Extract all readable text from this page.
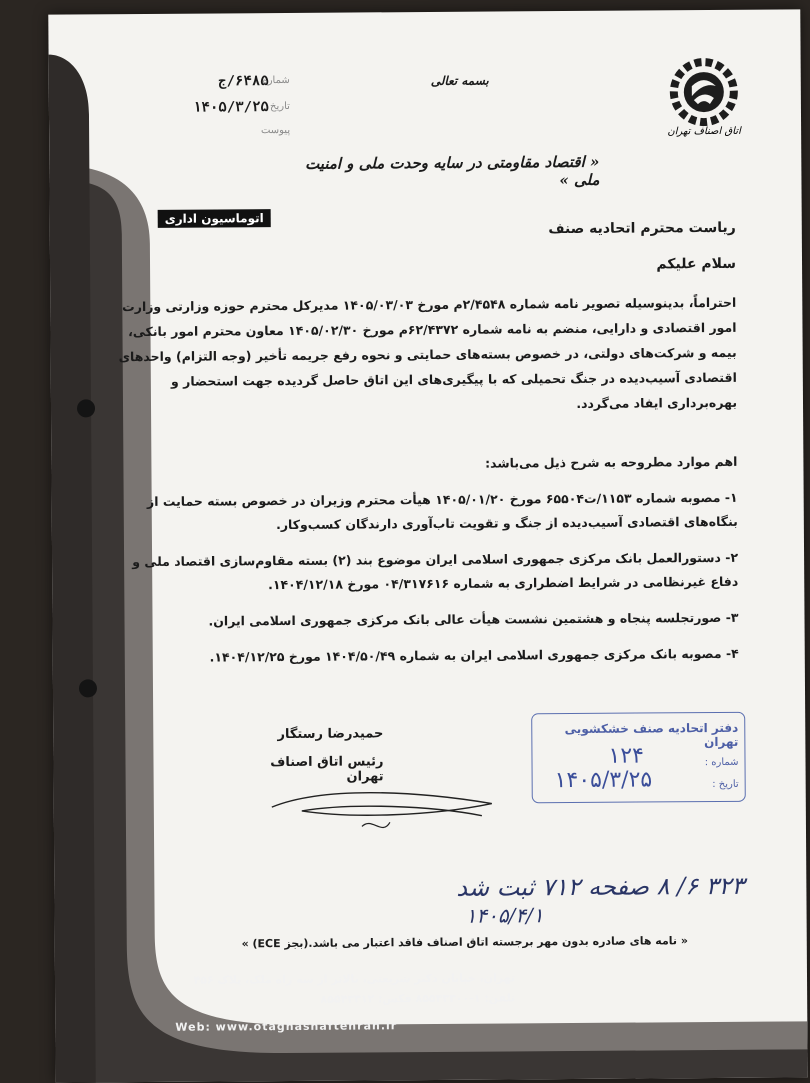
اتاق اصناف تهران
بسمه تعالی
۶۴۸۵/ج
شماره
۱۴۰۵/۳/۲۵ تاریخ
پیوست
« اقتصاد مقاومتی در سایه وحدت ملی و امنیت ملی »
اتوماسیون اداری
ریاست محترم اتحادیه صنف
سلام علیکم
احتراماً، بدینوسیله تصویر نامه شماره ۲/۴۵۴۸م مورخ ۱۴۰۵/۰۳/۰۳ مدیرکل محترم حوزه وزارتی وزارت امور اقتصادی و دارایی، منضم به نامه شماره ۶۲/۴۳۷۲م مورخ ۱۴۰۵/۰۲/۳۰ معاون محترم امور بانکی، بیمه و شرکت‌های دولتی، در خصوص بسته‌های حمایتی و نحوه رفع جریمه تأخیر (وجه التزام) واحدهای اقتصادی آسیب‌دیده در جنگ تحمیلی که با پیگیری‌های این اتاق حاصل گردیده جهت استحضار و بهره‌برداری ایفاد می‌گردد.
اهم موارد مطروحه به شرح ذیل می‌باشد:
۱- مصوبه شماره ۱۱۵۳/ت۶۵۵۰۴ مورخ ۱۴۰۵/۰۱/۲۰ هیأت محترم وزیران در خصوص بسته حمایت از بنگاه‌های اقتصادی آسیب‌دیده از جنگ و تقویت تاب‌آوری دارندگان کسب‌وکار.
۲- دستورالعمل بانک مرکزی جمهوری اسلامی ایران موضوع بند (۲) بسته مقاوم‌سازی اقتصاد ملی و دفاع غیرنظامی در شرایط اضطراری به شماره ۰۴/۳۱۷۶۱۶ مورخ ۱۴۰۴/۱۲/۱۸.
۳- صورتجلسه پنجاه و هشتمین نشست هیأت عالی بانک مرکزی جمهوری اسلامی ایران.
۴- مصوبه بانک مرکزی جمهوری اسلامی ایران به شماره ۱۴۰۴/۵۰/۴۹ مورخ ۱۴۰۴/۱۲/۲۵.
حمیدرضا رستگار
رئیس اتاق اصناف تهران
دفتر اتحادیه صنف خشکشویی تهران
شماره :
تاریخ :
۱۲۴
۱۴۰۵/۳/۲۵
۳۲۳ ۶/ ۸ صفحه ۷۱۲ ثبت شد
۱۴۰۵/۴/۱
« نامه های صادره بدون مهر برجسته اتاق اصناف فاقد اعتبار می باشد.(بجز ECE) »
تهران، خیابان دکتر شریعتی، بالاتر از سه راه ملک، پلاک ۴۵۶
تلفن: ۱-۸۵۵۴۳۳۰۰ فکس: ۸۵۵۴۳۳۱۲
Web: www.otaghasnaftehran.ir
